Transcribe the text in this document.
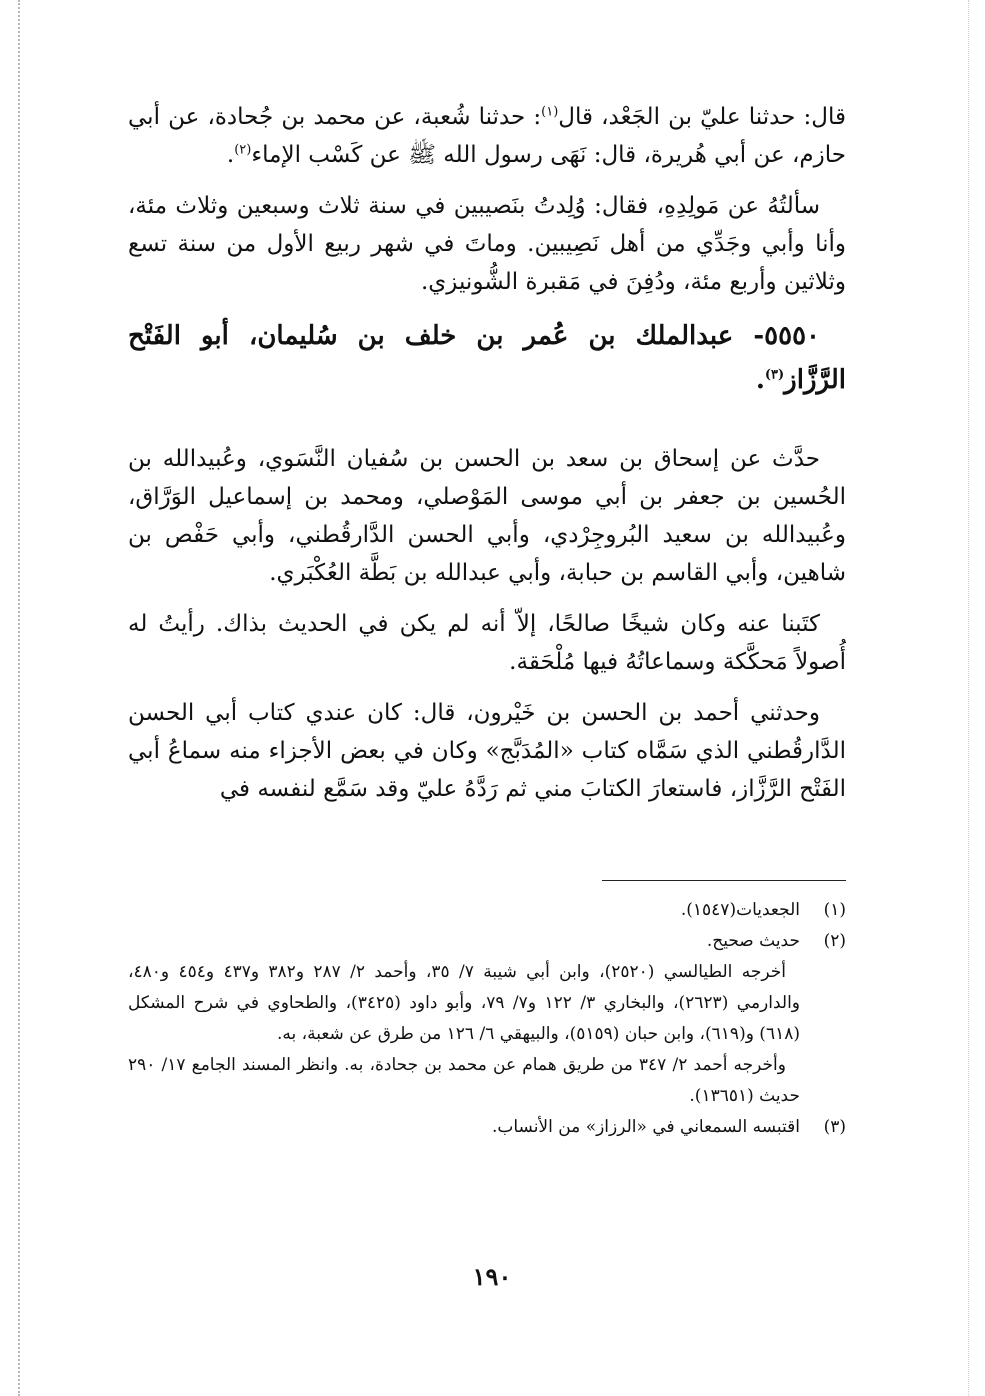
قال: حدثنا عليّ بن الجَعْد، قال$^{(١)}$: حدثنا شُعبة، عن محمد بن جُحادة، عن أبي حازم، عن أبي هُريرة، قال: نَهَى رسول الله ﷺ عن كَسْب الإماء$^{(٢)}$.

سألتُهُ عن مَولِدِهِ، فقال: وُلِدتُ بنَصيبين في سنة ثلاث وسبعين وثلاث مئة، وأنا وأبي وجَدِّي من أهل نَصِيبين. وماتَ في شهر ربيع الأول من سنة تسع وثلاثين وأربع مئة، ودُفِنَ في مَقبرة الشُّونيزي.

٥٥٥٠- عبدالملك بن عُمر بن خلف بن سُليمان، أبو الفَتْح الرَّزَّاز$^{(٣)}$.

حدَّث عن إسحاق بن سعد بن الحسن بن سُفيان النَّسَوي، وعُبيدالله بن الحُسين بن جعفر بن أبي موسى المَوْصلي، ومحمد بن إسماعيل الوَرَّاق، وعُبيدالله بن سعيد البُروجِرْدي، وأبي الحسن الدَّارقُطني، وأبي حَفْص بن شاهين، وأبي القاسم بن حبابة، وأبي عبدالله بن بَطَّة العُكْبَري.

كتَبنا عنه وكان شيخًا صالحًا، إلاّ أنه لم يكن في الحديث بذاك. رأيتُ له أُصولاً مَحكَّكة وسماعاتُهُ فيها مُلْحَقة.

وحدثني أحمد بن الحسن بن خَيْرون، قال: كان عندي كتاب أبي الحسن الدَّارقُطني الذي سَمَّاه كتاب «المُدَبَّج» وكان في بعض الأجزاء منه سماعُ أبي الفَتْح الرَّزَّاز، فاستعارَ الكتابَ مني ثم رَدَّهُ عليّ وقد سَمَّع لنفسه في

(١)الجعديات(١٥٤٧).

(٢)حديث صحيح.

أخرجه الطيالسي (٢٥٢٠)، وابن أبي شيبة ٧/ ٣٥، وأحمد ٢/ ٢٨٧ و٣٨٢ و٤٣٧ و٤٥٤ و٤٨٠، والدارمي (٢٦٢٣)، والبخاري ٣/ ١٢٢ و٧/ ٧٩، وأبو داود (٣٤٢٥)، والطحاوي في شرح المشكل (٦١٨) و(٦١٩)، وابن حبان (٥١٥٩)، والبيهقي ٦/ ١٢٦ من طرق عن شعبة، به.

وأخرجه أحمد ٢/ ٣٤٧ من طريق همام عن محمد بن جحادة، به. وانظر المسند الجامع ١٧/ ٢٩٠ حديث (١٣٦٥١).

(٣)اقتبسه السمعاني في «الرزاز» من الأنساب.

١٩٠
